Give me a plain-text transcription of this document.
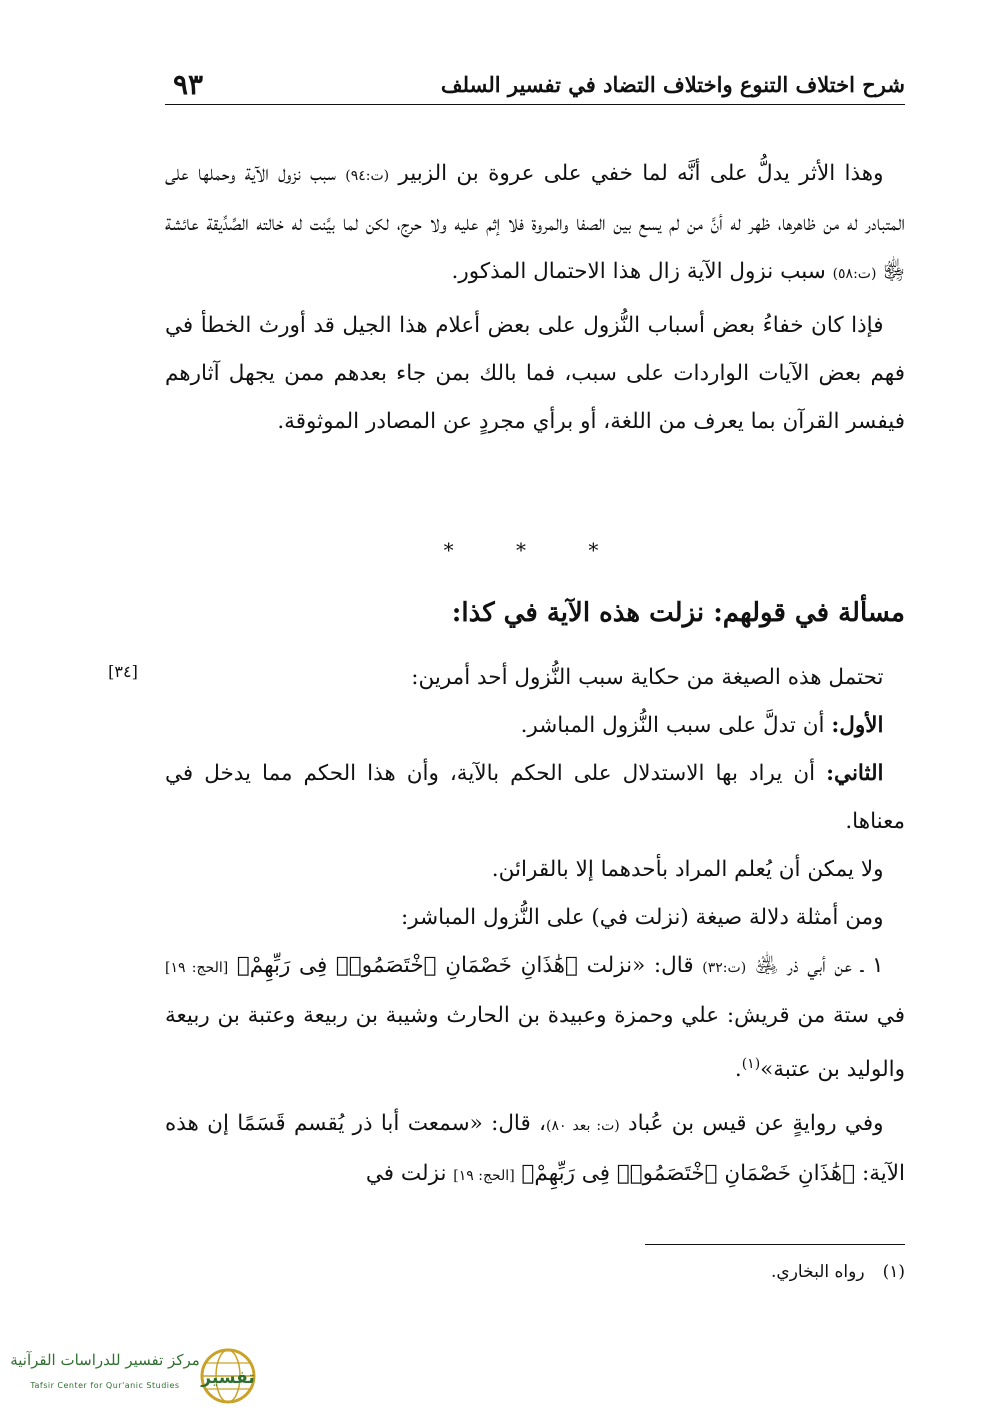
شرح اختلاف التنوع واختلاف التضاد في تفسير السلف
٩٣

 وهذا الأثر يدلُّ على أنَّه لما خفي على عروة بن الزبير (ت:٩٤) سبب نزول الآية وحملها على المتبادر له من ظاهرها، ظهر له أنَّ من لم يسع بين الصفا والمروة فلا إثم عليه ولا حرج، لكن لما بيَّنت له خالته الصِّدِّيقة عائشة ﵂ (ت:٥٨) سبب نزول الآية زال هذا الاحتمال المذكور.

 فإذا كان خفاءُ بعض أسباب النُّزول على بعض أعلام هذا الجيل قد أورث الخطأ في فهم بعض الآيات الواردات على سبب، فما بالك بمن جاء بعدهم ممن يجهل آثارهم فيفسر القرآن بما يعرف من اللغة، أو برأي مجردٍ عن المصادر الموثوقة.

* * *
مسألة في قولهم: نزلت هذه الآية في كذا:
[٣٤]

 	تحتمل هذه الصيغة من حكاية سبب النُّزول أحد أمرين:

 الأول: أن تدلَّ على سبب النُّزول المباشر.

 الثاني: أن يراد بها الاستدلال على الحكم بالآية، وأن هذا الحكم مما يدخل في معناها.

 ولا يمكن أن يُعلم المراد بأحدهما إلا بالقرائن.

 ومن أمثلة دلالة صيغة (نزلت في) على النُّزول المباشر:

 ١ ـ عن أبي ذر ﵁ (ت:٣٢) قال: «نزلت ﴿هَٰذَانِ خَصْمَانِ ٱخْتَصَمُوا۟ فِى رَبِّهِمْ﴾ [الحج: ١٩] في ستة من قريش: علي وحمزة وعبيدة بن الحارث وشيبة بن ربيعة وعتبة بن ربيعة والوليد بن عتبة»$^{(١)}$.

 وفي روايةٍ عن قيس بن عُباد (ت: بعد ٨٠)، قال: «سمعت أبا ذر يُقسم قَسَمًا إن هذه الآية: ﴿هَٰذَانِ خَصْمَانِ ٱخْتَصَمُوا۟ فِى رَبِّهِمْ﴾ [الحج: ١٩] نزلت في

(١)رواه البخاري.
تفسير
مركز تفسير للدراسات القرآنية
Tafsir Center for Qur'anic Studies
